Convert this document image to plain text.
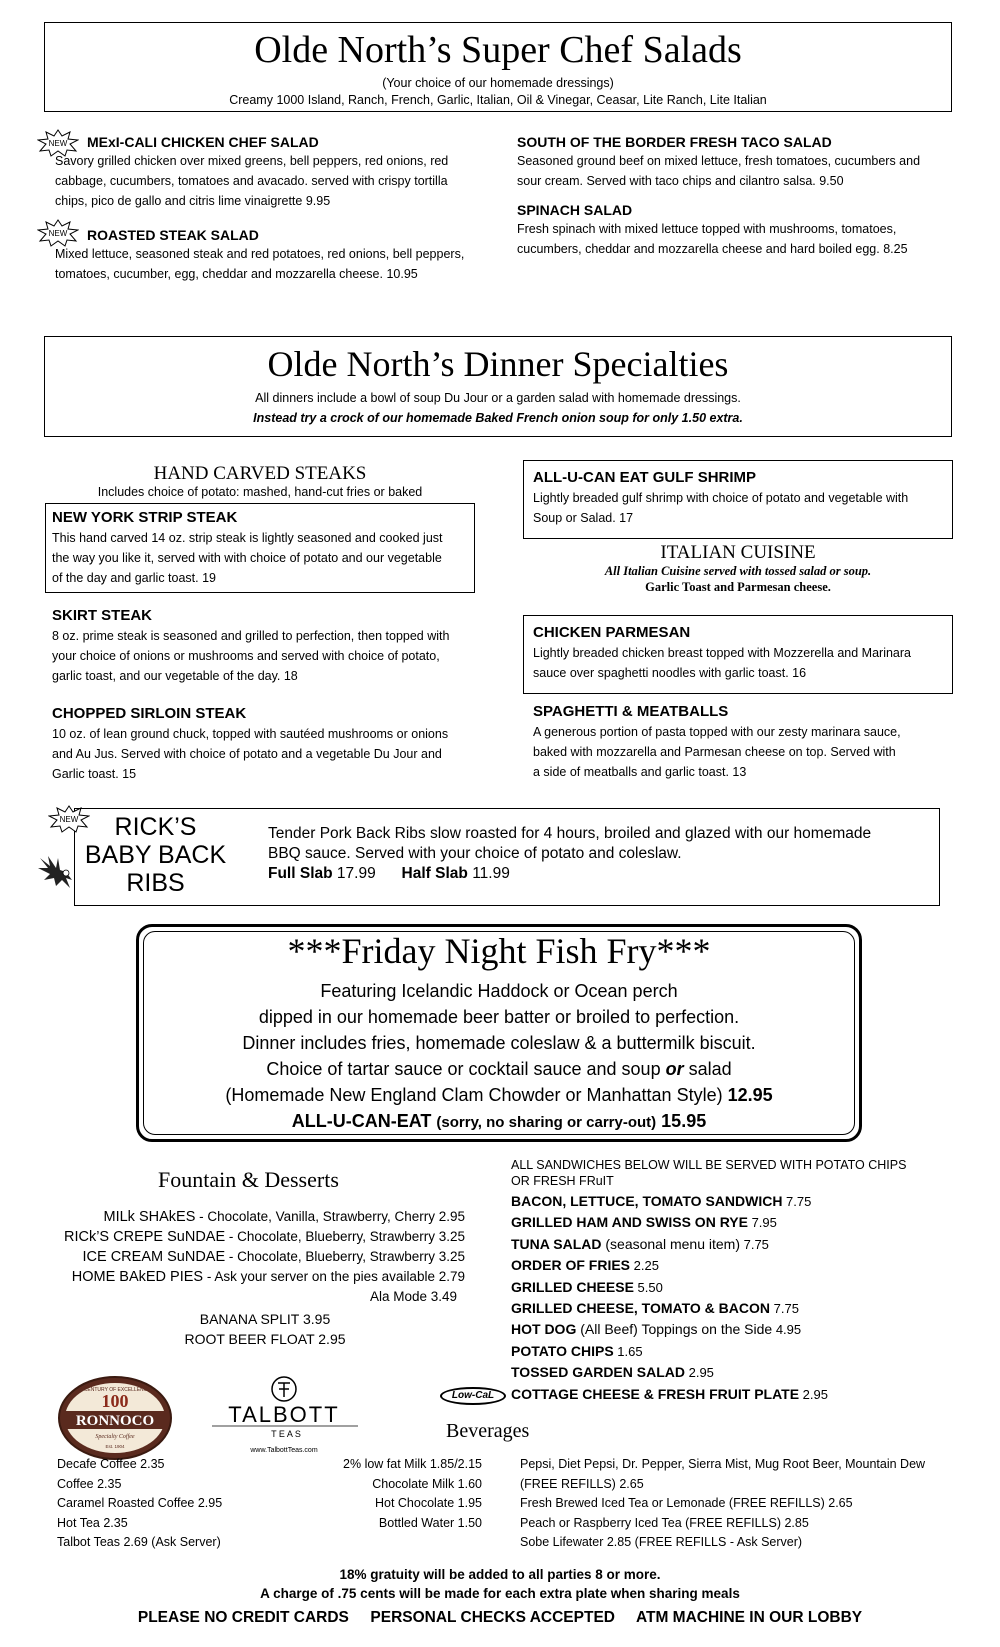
Olde North’s Super Chef Salads
(Your choice of our homemade dressings)
Creamy 1000 Island, Ranch, French, Garlic, Italian, Oil & Vinegar, Ceasar, Lite Ranch, Lite Italian
NEW MExI-CALI CHICKEN CHEF SALAD
Savory grilled chicken over mixed greens, bell peppers, red onions, red
cabbage, cucumbers, tomatoes and avacado. served with crispy tortilla
chips, pico de gallo and citris lime vinaigrette 9.95
NEW ROASTED STEAK SALAD
Mixed lettuce, seasoned steak and red potatoes, red onions, bell peppers,
tomatoes, cucumber, egg, cheddar and mozzarella cheese. 10.95
SOUTH OF THE BORDER FRESH TACO SALAD
Seasoned ground beef on mixed lettuce, fresh tomatoes, cucumbers and
sour cream. Served with taco chips and cilantro salsa. 9.50
SPINACH SALAD
Fresh spinach with mixed lettuce topped with mushrooms, tomatoes,
cucumbers, cheddar and mozzarella cheese and hard boiled egg. 8.25
Olde North’s Dinner Specialties
All dinners include a bowl of soup Du Jour or a garden salad with homemade dressings.
Instead try a crock of our homemade Baked French onion soup for only 1.50 extra.
HAND CARVED STEAKS
Includes choice of potato: mashed, hand-cut fries or baked
NEW YORK STRIP STEAK
This hand carved 14 oz. strip steak is lightly seasoned and cooked just
the way you like it, served with with choice of potato and our vegetable
of the day and garlic toast. 19
SKIRT STEAK
8 oz. prime steak is seasoned and grilled to perfection, then topped with
your choice of onions or mushrooms and served with choice of potato,
garlic toast, and our vegetable of the day. 18
CHOPPED SIRLOIN STEAK
10 oz. of lean ground chuck, topped with sautéed mushrooms or onions
and Au Jus. Served with choice of potato and a vegetable Du Jour and
Garlic toast. 15
ALL-U-CAN EAT GULF SHRIMP
Lightly breaded gulf shrimp with choice of potato and vegetable with
Soup or Salad. 17
ITALIAN CUISINE
All Italian Cuisine served with tossed salad or soup.
Garlic Toast and Parmesan cheese.
CHICKEN PARMESAN
Lightly breaded chicken breast topped with Mozzerella and Marinara
sauce over spaghetti noodles with garlic toast. 16
SPAGHETTI & MEATBALLS
A generous portion of pasta topped with our zesty marinara sauce,
baked with mozzarella and Parmesan cheese on top. Served with
a side of meatballs and garlic toast. 13
NEW	RICK’S
BABY BACK
RIBS
Tender Pork Back Ribs slow roasted for 4 hours, broiled and glazed with our homemade
BBQ sauce. Served with your choice of potato and coleslaw.
Full Slab 17.99 Half Slab 11.99
***Friday Night Fish Fry***
Featuring Icelandic Haddock or Ocean perch
dipped in our homemade beer batter or broiled to perfection.
Dinner includes fries, homemade coleslaw & a buttermilk biscuit.
Choice of tartar sauce or cocktail sauce and soup or salad
(Homemade New England Clam Chowder or Manhattan Style) 12.95
ALL-U-CAN-EAT (sorry, no sharing or carry-out) 15.95
Fountain & Desserts
MILk SHAkES - Chocolate, Vanilla, Strawberry, Cherry 2.95
RICk’S CREPE SuNDAE - Chocolate, Blueberry, Strawberry 3.25
ICE CREAM SuNDAE - Chocolate, Blueberry, Strawberry 3.25
HOME BAkED PIES - Ask your server on the pies available 2.79
Ala Mode 3.49
BANANA SPLIT 3.95
ROOT BEER FLOAT 2.95
ALL SANDWICHES BELOW WILL BE SERVED WITH POTATO CHIPS
OR FRESH FRuIT
BACON, LETTUCE, TOMATO SANDWICH 7.75
GRILLED HAM AND SWISS ON RYE 7.95
TUNA SALAD (seasonal menu item) 7.75
ORDER OF FRIES 2.25
GRILLED CHEESE 5.50
GRILLED CHEESE, TOMATO & BACON 7.75
HOT DOG (All Beef) Toppings on the Side 4.95
POTATO CHIPS 1.65
TOSSED GARDEN SALAD 2.95
COTTAGE CHEESE & FRESH FRUIT PLATE 2.95
Low-CaL
A CENTURY OF EXCELLENCE
100
RONNOCO
Specialty Coffee
Est. 1904
TALBOTT
T E A S
www.TalbottTeas.com
Beverages
Decafe Coffee 2.35
Coffee 2.35
Caramel Roasted Coffee 2.95
Hot Tea 2.35
Talbot Teas 2.69 (Ask Server)
2% low fat Milk 1.85/2.15
Chocolate Milk 1.60
Hot Chocolate 1.95
Bottled Water 1.50
Pepsi, Diet Pepsi, Dr. Pepper, Sierra Mist, Mug Root Beer, Mountain Dew
(FREE REFILLS) 2.65
Fresh Brewed Iced Tea or Lemonade (FREE REFILLS) 2.65
Peach or Raspberry Iced Tea (FREE REFILLS) 2.85
Sobe Lifewater 2.85 (FREE REFILLS - Ask Server)
18% gratuity will be added to all parties 8 or more.
A charge of .75 cents will be made for each extra plate when sharing meals
PLEASE NO CREDIT CARDS     PERSONAL CHECKS ACCEPTED     ATM MACHINE IN OUR LOBBY
